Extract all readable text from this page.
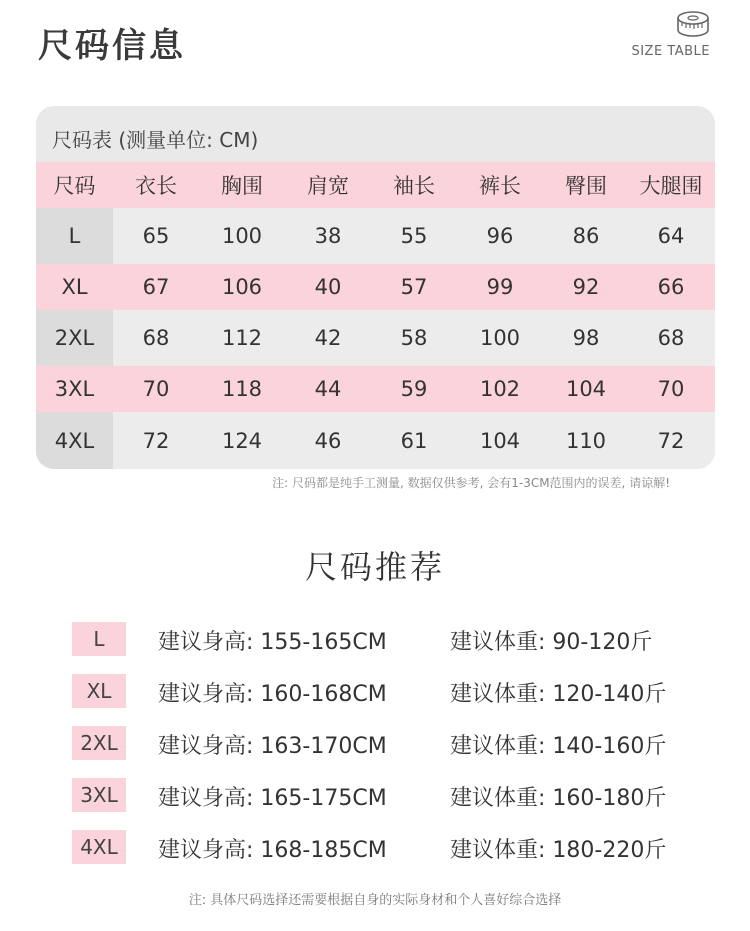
尺码信息	SIZE TABLE
尺码表 (测量单位: CM)
尺码	衣长	胸围	肩宽	袖长	裤长	臀围	大腿围
L	65	100	38	55	96	86	64
XL	67	106	40	57	99	92	66
2XL	68	112	42	58	100	98	68
3XL	70	118	44	59	102	104	70
4XL	72	124	46	61	104	110	72
注: 尺码都是纯手工测量, 数据仅供参考, 会有1-3CM范围内的误差, 请谅解!
尺码推荐
L	建议身高: 155-165CM	建议体重: 90-120斤
XL	建议身高: 160-168CM	建议体重: 120-140斤
2XL	建议身高: 163-170CM	建议体重: 140-160斤
3XL	建议身高: 165-175CM	建议体重: 160-180斤
4XL	建议身高: 168-185CM	建议体重: 180-220斤
注: 具体尺码选择还需要根据自身的实际身材和个人喜好综合选择
